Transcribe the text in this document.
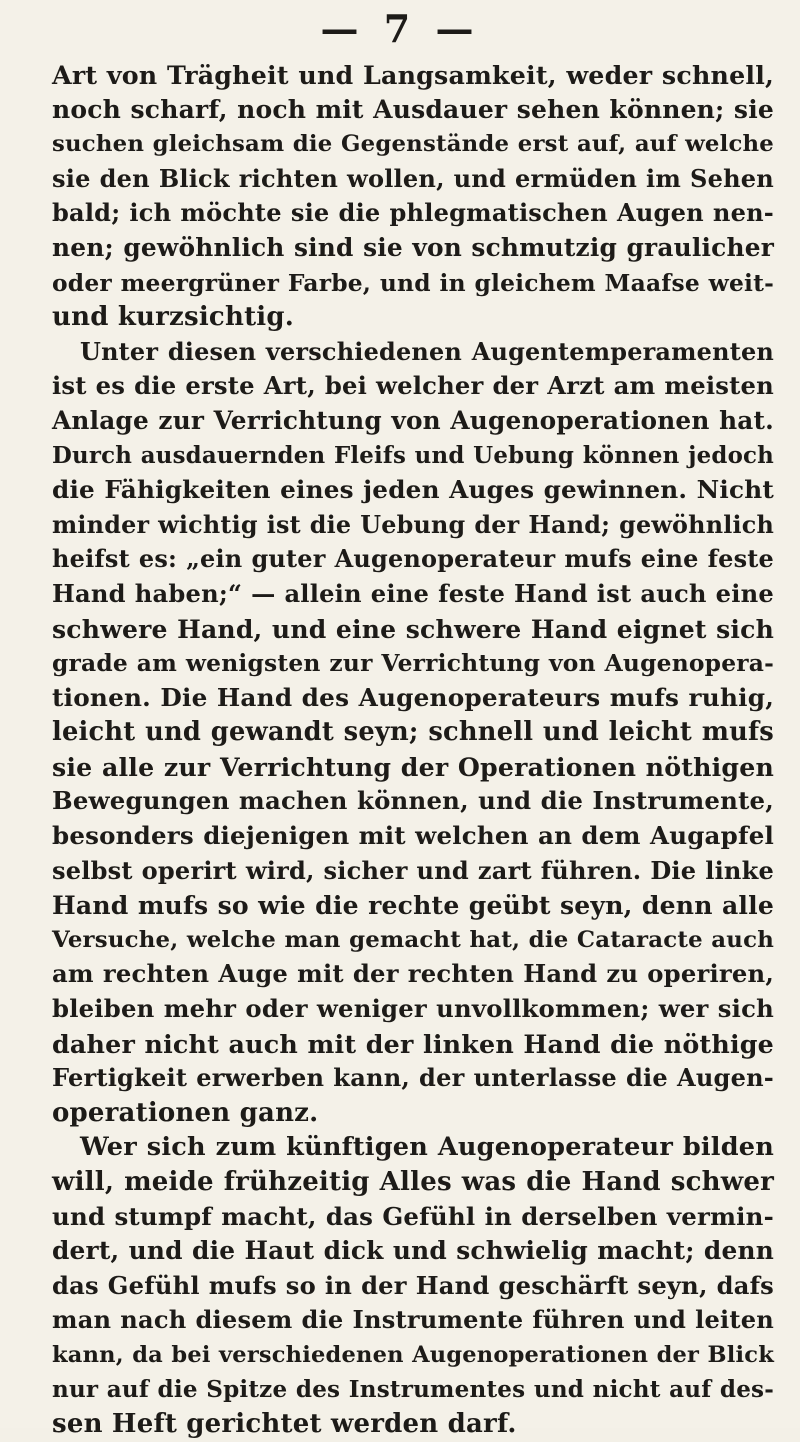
— 7 —
Art von Trägheit und Langsamkeit, weder schnell,
noch scharf, noch mit Ausdauer sehen können; sie
suchen gleichsam die Gegenstände erst auf, auf welche
sie den Blick richten wollen, und ermüden im Sehen
bald; ich möchte sie die phlegmatischen Augen nen-
nen; gewöhnlich sind sie von schmutzig graulicher
oder meergrüner Farbe, und in gleichem Maafse weit-
und kurzsichtig.
Unter diesen verschiedenen Augentemperamenten
ist es die erste Art, bei welcher der Arzt am meisten
Anlage zur Verrichtung von Augenoperationen hat.
Durch ausdauernden Fleifs und Uebung können jedoch
die Fähigkeiten eines jeden Auges gewinnen. Nicht
minder wichtig ist die Uebung der Hand; gewöhnlich
heifst es: „ein guter Augenoperateur mufs eine feste
Hand haben;“ — allein eine feste Hand ist auch eine
schwere Hand, und eine schwere Hand eignet sich
grade am wenigsten zur Verrichtung von Augenopera-
tionen. Die Hand des Augenoperateurs mufs ruhig,
leicht und gewandt seyn; schnell und leicht mufs
sie alle zur Verrichtung der Operationen nöthigen
Bewegungen machen können, und die Instrumente,
besonders diejenigen mit welchen an dem Augapfel
selbst operirt wird, sicher und zart führen. Die linke
Hand mufs so wie die rechte geübt seyn, denn alle
Versuche, welche man gemacht hat, die Cataracte auch
am rechten Auge mit der rechten Hand zu operiren,
bleiben mehr oder weniger unvollkommen; wer sich
daher nicht auch mit der linken Hand die nöthige
Fertigkeit erwerben kann, der unterlasse die Augen-
operationen ganz.
Wer sich zum künftigen Augenoperateur bilden
will, meide frühzeitig Alles was die Hand schwer
und stumpf macht, das Gefühl in derselben vermin-
dert, und die Haut dick und schwielig macht; denn
das Gefühl mufs so in der Hand geschärft seyn, dafs
man nach diesem die Instrumente führen und leiten
kann, da bei verschiedenen Augenoperationen der Blick
nur auf die Spitze des Instrumentes und nicht auf des-
sen Heft gerichtet werden darf.
